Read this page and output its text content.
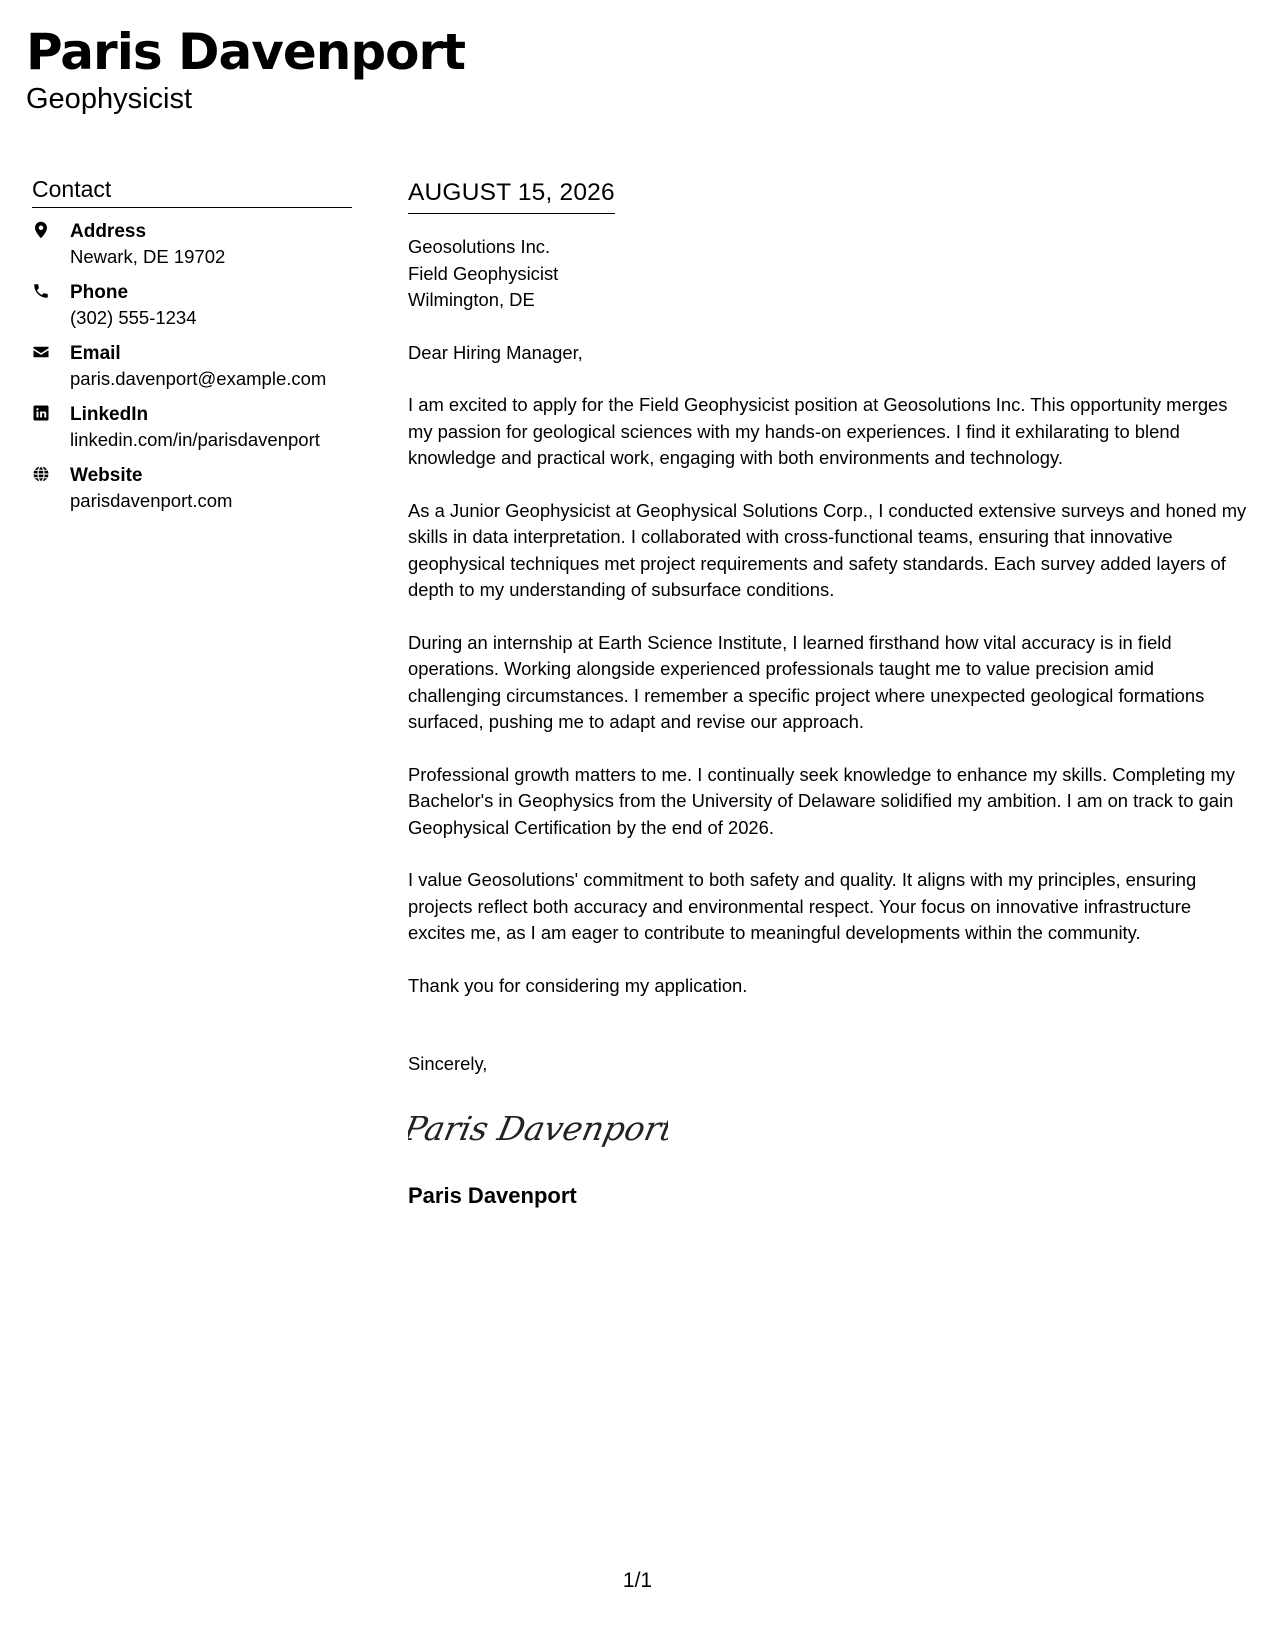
Paris Davenport
Geophysicist
Contact
Address
Newark, DE 19702
Phone
(302) 555-1234
Email
paris.davenport@example.com
LinkedIn
linkedin.com/in/parisdavenport
Website
parisdavenport.com
AUGUST 15, 2026
Geosolutions Inc.
Field Geophysicist
Wilmington, DE

Dear Hiring Manager,

I am excited to apply for the Field Geophysicist position at Geosolutions Inc. This opportunity merges my passion for geological sciences with my hands-on experiences. I find it exhilarating to blend knowledge and practical work, engaging with both environments and technology.

As a Junior Geophysicist at Geophysical Solutions Corp., I conducted extensive surveys and honed my skills in data interpretation. I collaborated with cross-functional teams, ensuring that innovative geophysical techniques met project requirements and safety standards. Each survey added layers of depth to my understanding of subsurface conditions.

During an internship at Earth Science Institute, I learned firsthand how vital accuracy is in field operations. Working alongside experienced professionals taught me to value precision amid challenging circumstances. I remember a specific project where unexpected geological formations surfaced, pushing me to adapt and revise our approach.

Professional growth matters to me. I continually seek knowledge to enhance my skills. Completing my Bachelor's in Geophysics from the University of Delaware solidified my ambition. I am on track to gain Geophysical Certification by the end of 2026.

I value Geosolutions' commitment to both safety and quality. It aligns with my principles, ensuring projects reflect both accuracy and environmental respect. Your focus on innovative infrastructure excites me, as I am eager to contribute to meaningful developments within the community.

Thank you for considering my application.

Sincerely,
Paris Davenport
Paris Davenport
1/1
